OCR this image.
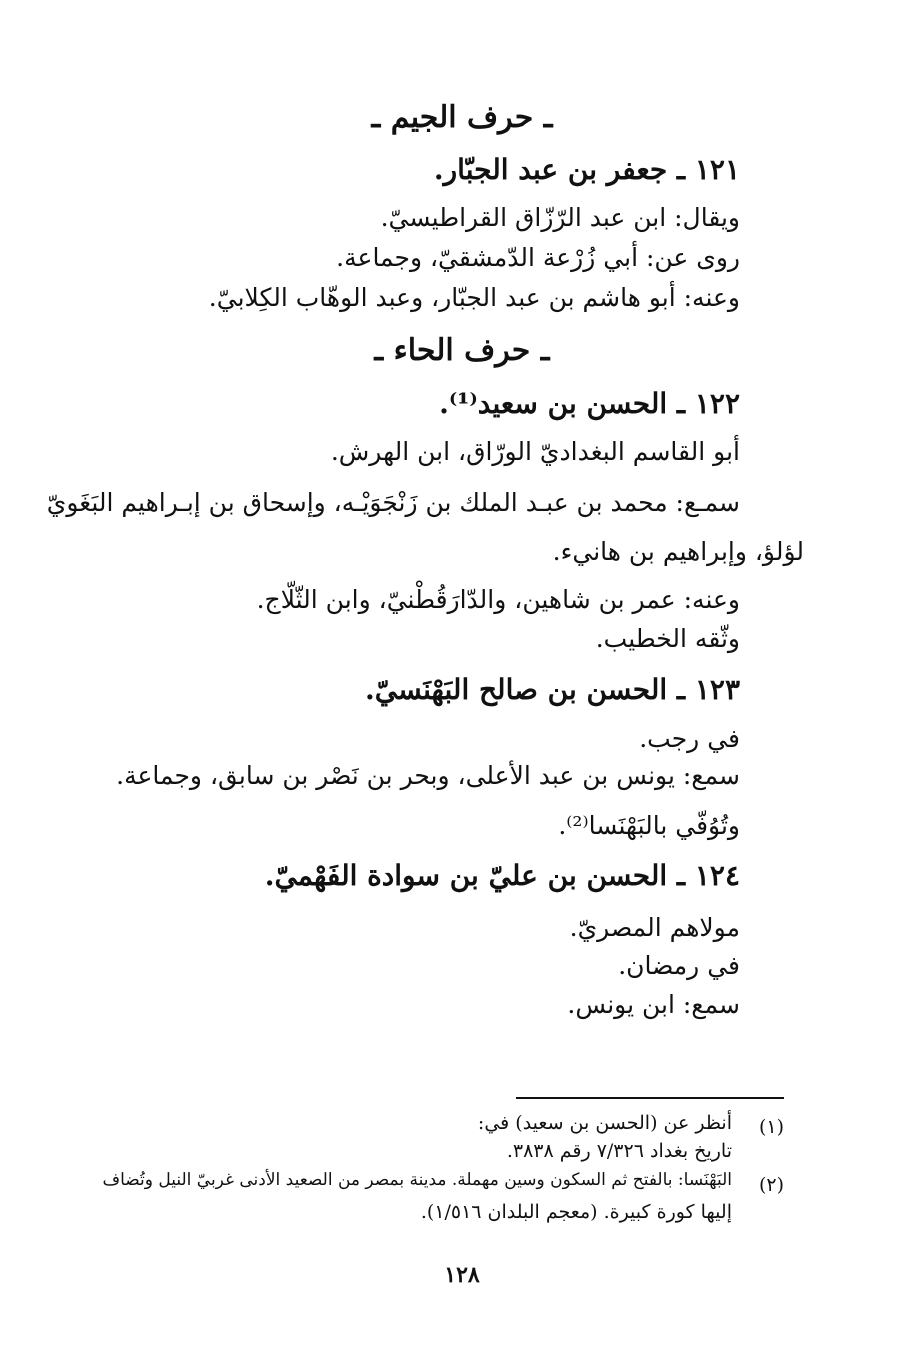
ـ حرف الجيم ـ
١٢١ ـ جعفر بن عبد الجبّار.
ويقال: ابن عبد الرّزّاق القراطيسيّ.
روى عن: أبي زُرْعة الدّمشقيّ، وجماعة.
وعنه: أبو هاشم بن عبد الجبّار، وعبد الوهّاب الكِلابيّ.
ـ حرف الحاء ـ
١٢٢ ـ الحسن بن سعيد⁽¹⁾.
أبو القاسم البغداديّ الورّاق، ابن الهرش.
سمـع: محمد بن عبـد الملك بن زَنْجَوَيْـه، وإسحاق بن إبـراهيم البَغَويّ
لؤلؤ، وإبراهيم بن هانيء.
وعنه: عمر بن شاهين، والدّارَقُطْنيّ، وابن الثّلّاج.
وثّقه الخطيب.
١٢٣ ـ الحسن بن صالح البَهْنَسيّ.
في رجب.
سمع: يونس بن عبد الأعلى، وبحر بن نَصْر بن سابق، وجماعة.
وتُوُفّي بالبَهْنَسا⁽²⁾.
١٢٤ ـ الحسن بن عليّ بن سوادة الفَهْميّ.
مولاهم المصريّ.
في رمضان.
سمع: ابن يونس.
(١)
أنظر عن (الحسن بن سعيد) في:
تاريخ بغداد ٧/٣٢٦ رقم ٣٨٣٨.
(٢)
البَهْنَسا: بالفتح ثم السكون وسين مهملة. مدينة بمصر من الصعيد الأدنى غربيّ النيل وتُضاف
إليها كورة كبيرة. (معجم البلدان ١/٥١٦).
١٢٨
